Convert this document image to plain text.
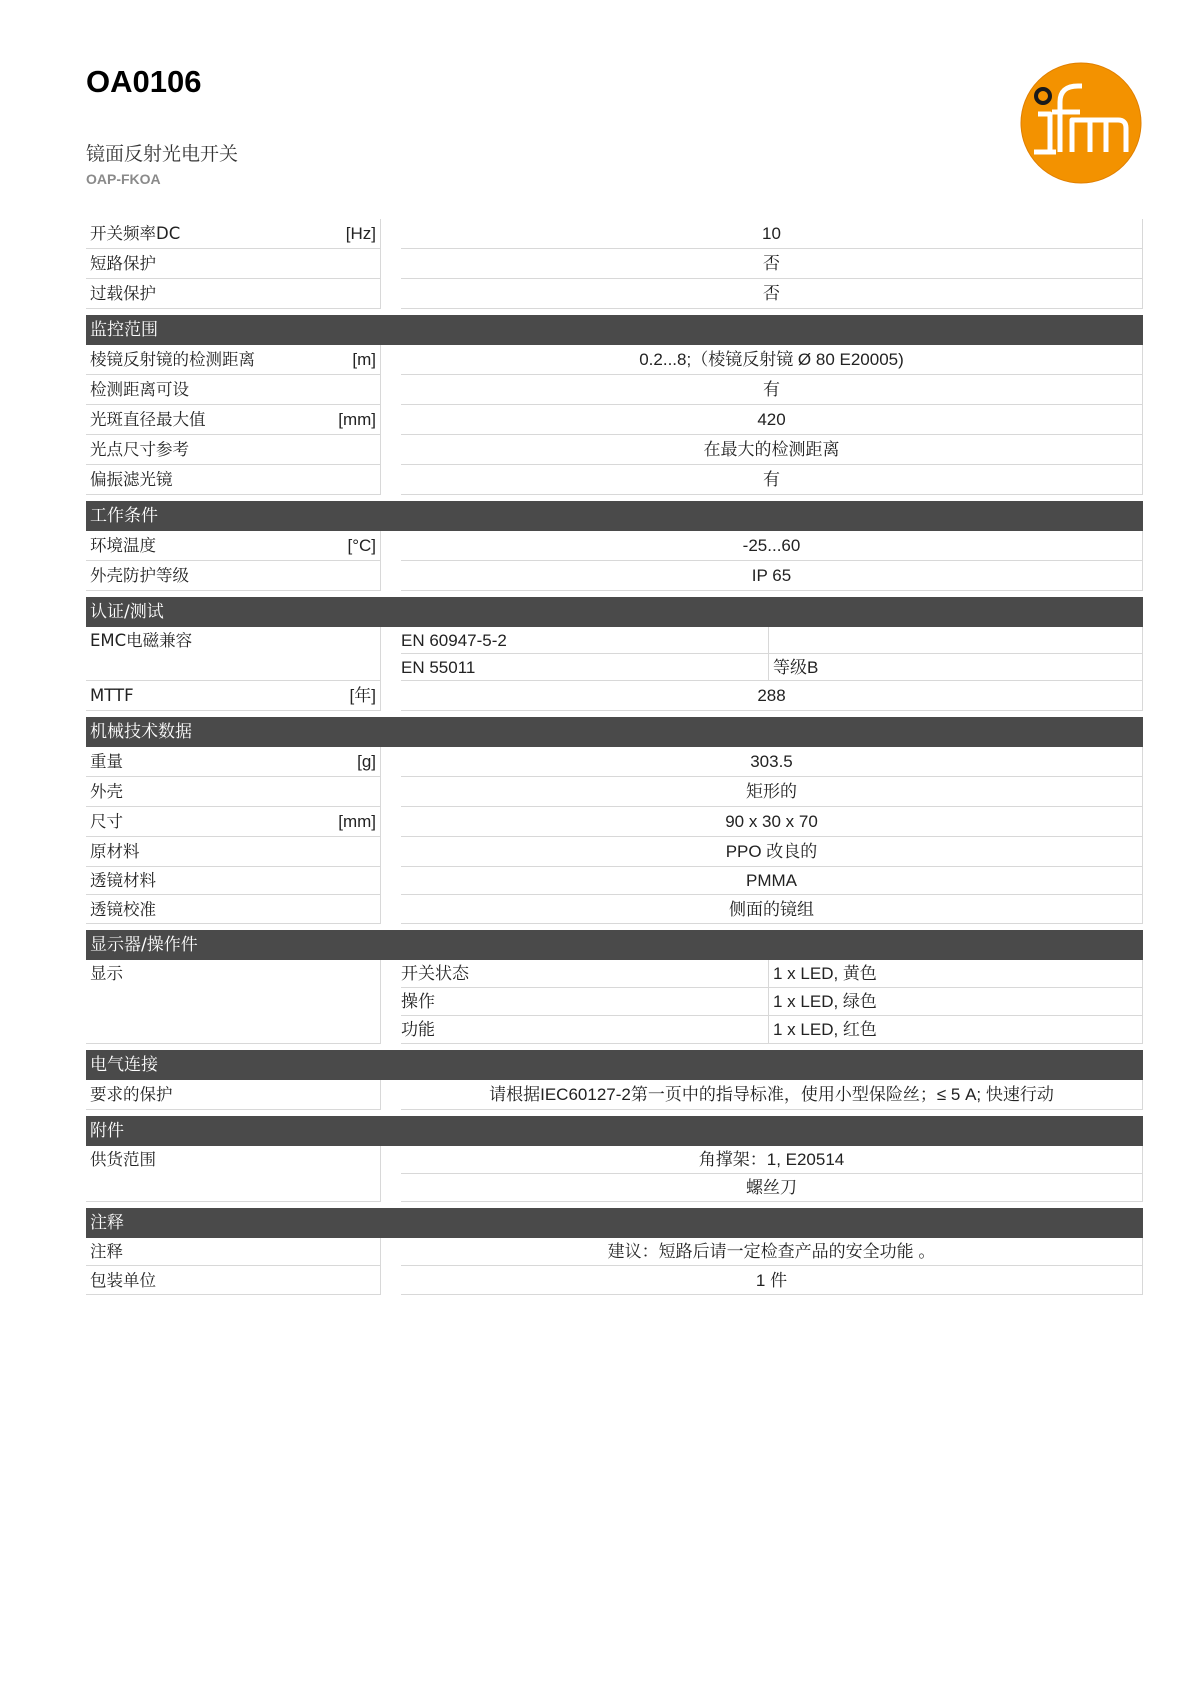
OA0106
镜面反射光电开关
OAP-FKOA
开关频率DC	[Hz]	10
短路保护	否
过载保护	否
监控范围
棱镜反射镜的检测距离	[m]	0.2...8;（棱镜反射镜 Ø 80 E20005)
检测距离可设	有
光斑直径最大值	[mm]	420
光点尺寸参考	在最大的检测距离
偏振滤光镜	有
工作条件
环境温度	[°C]	-25...60
外壳防护等级	IP 65
认证/测试
EMC电磁兼容	EN 60947-5-2
EN 55011	等级B
MTTF	[年]	288
机械技术数据
重量	[g]	303.5
外壳	矩形的
尺寸	[mm]	90 x 30 x 70
原材料	PPO 改良的
透镜材料	PMMA
透镜校准	侧面的镜组
显示器/操作件
显示	开关状态	1 x LED, 黄色
操作	1 x LED, 绿色
功能	1 x LED, 红色
电气连接
要求的保护	请根据IEC60127-2第一页中的指导标准，使用小型保险丝；≤ 5 A; 快速行动
附件
供货范围	角撑架：1, E20514
螺丝刀
注释
注释	建议：短路后请一定检查产品的安全功能 。
包装单位	1 件
